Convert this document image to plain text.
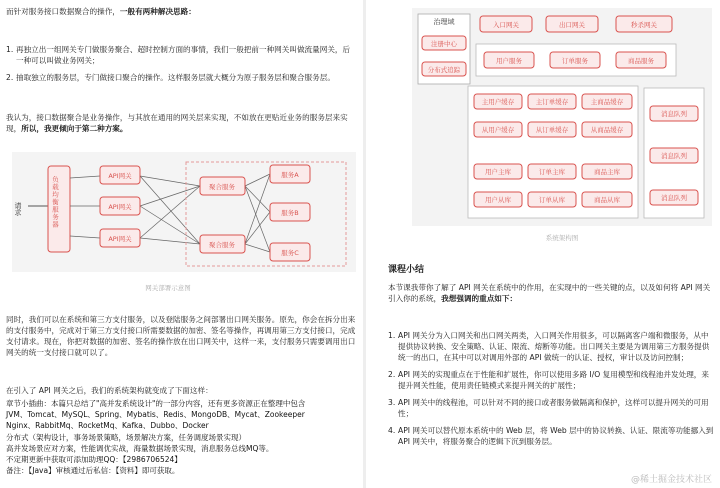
而针对服务接口数据聚合的操作，一般有两种解决思路：

1. 再独立出一组网关专门做服务聚合、超时控制方面的事情，我们一般把前一种网关叫做流量网关，后一种可以叫做业务网关；
2. 抽取独立的服务层，专门做接口聚合的操作。这样服务层就大概分为原子服务层和聚合服务层。

我认为，接口数据聚合是业务操作，与其放在通用的网关层来实现，不如放在更贴近业务的服务层来实现，所以，我更倾向于第二种方案。

请求	负载均衡服务器	API网关
API网关
API网关
聚合服务
聚合服务
服务A
服务B
服务C
网关部署示意图

同时，我们可以在系统和第三方支付服务，以及登陆服务之间部署出口网关服务。原先，你会在拆分出来的支付服务中，完成对于第三方支付接口所需要数据的加密、签名等操作，再调用第三方支付接口，完成支付请求。现在，你把对数据的加密、签名的操作放在出口网关中，这样一来，支付服务只需要调用出口网关的统一支付接口就可以了。

在引入了 API 网关之后，我们的系统架构就变成了下面这样：

章节小插曲：本篇只总结了"高并发系统设计"的一部分内容，还有更多资源正在整理中包含
JVM、Tomcat、MySQL、Spring、Mybatis、Redis、MongoDB、Mycat、Zookeeper
Nginx、RabbitMq、RocketMq、Kafka、Dubbo、Docker
分布式（架构设计，事务场景策略，场景解决方案，任务调度场景实现）
高并发场景应对方案，性能调优实战，海量数据场景实现，消息服务总线MQ等。
不定期更新中获取可添加助理QQ：【2986706524】
备注：【Java】审核通过后私信：【资料】即可获取。
治理域
注册中心
分布式追踪
入口网关	出口网关	秒杀网关
用户服务	订单服务	商品服务
主用户缓存	主订单缓存	主商品缓存
从用户缓存	从订单缓存	从商品缓存
用户主库	订单主库	商品主库
用户从库	订单从库	商品从库
消息队列
消息队列
消息队列
系统架构图
课程小结

本节课我带你了解了 API 网关在系统中的作用，在实现中的一些关键的点，以及如何将 API 网关引入你的系统，我想强调的重点如下：

1. API 网关分为入口网关和出口网关两类，入口网关作用很多，可以隔离客户端和微服务，从中提供协议转换、安全策略、认证、限流、熔断等功能。出口网关主要是为调用第三方服务提供统一的出口，在其中可以对调用外部的 API 做统一的认证、授权，审计以及访问控制；
2. API 网关的实现重点在于性能和扩展性，你可以使用多路 I/O 复用模型和线程池并发处理，来提升网关性能，使用责任链模式来提升网关的扩展性；
3. API 网关中的线程池，可以针对不同的接口或者服务做隔离和保护，这样可以提升网关的可用性；
4. API 网关可以替代原本系统中的 Web 层，将 Web 层中的协议转换、认证、限流等功能挪入到 API 网关中，将服务聚合的逻辑下沉到服务层。
@稀土掘金技术社区
